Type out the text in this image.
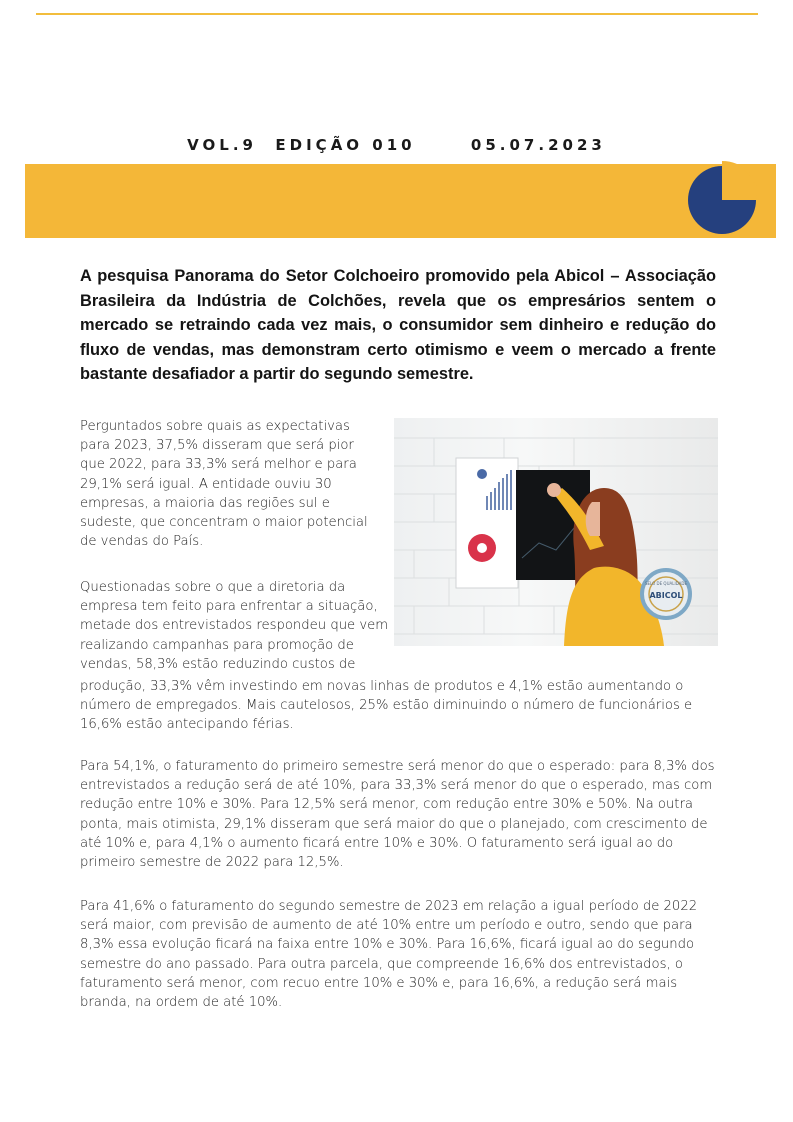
VOL.9  EDIÇÃO 010      05.07.2023

A pesquisa Panorama do Setor Colchoeiro promovido pela Abicol – Associação Brasileira da Indústria de Colchões, revela que os empresários sentem o mercado se retraindo cada vez mais, o consumidor sem dinheiro e redução do fluxo de vendas, mas demonstram certo otimismo e veem o mercado a frente bastante desafiador a partir do segundo semestre.

Perguntados sobre quais as expectativas para 2023, 37,5% disseram que será pior que 2022, para 33,3% será melhor e para 29,1% será igual. A entidade ouviu 30 empresas, a maioria das regiões sul e sudeste, que concentram o maior potencial de vendas do País.

Questionadas sobre o que a diretoria da empresa tem feito para enfrentar a situação, metade dos entrevistados respondeu que vem realizando campanhas para promoção de vendas, 58,3% estão reduzindo custos de

produção, 33,3% vêm investindo em novas linhas de produtos e 4,1% estão aumentando o número de empregados. Mais cautelosos, 25% estão diminuindo o número de funcionários e 16,6% estão antecipando férias.

Para 54,1%, o faturamento do primeiro semestre será menor do que o esperado: para 8,3% dos entrevistados a redução será de até 10%, para 33,3% será menor do que o esperado, mas com redução entre 10% e 30%. Para 12,5% será menor, com redução entre 30% e 50%. Na outra ponta, mais otimista, 29,1% disseram que será maior do que o planejado, com crescimento de até 10% e, para 4,1% o aumento ficará entre 10% e 30%. O faturamento será igual ao do primeiro semestre de 2022 para 12,5%.

Para 41,6% o faturamento do segundo semestre de 2023 em relação a igual período de 2022 será maior, com previsão de aumento de até 10% entre um período e outro, sendo que para 8,3% essa evolução ficará na faixa entre 10% e 30%. Para 16,6%, ficará igual ao do segundo semestre do ano passado. Para outra parcela, que compreende 16,6% dos entrevistados, o faturamento será menor, com recuo entre 10% e 30% e, para 16,6%, a redução será mais branda, na ordem de até 10%.

SELO DE QUALIDADE
ABICOL
